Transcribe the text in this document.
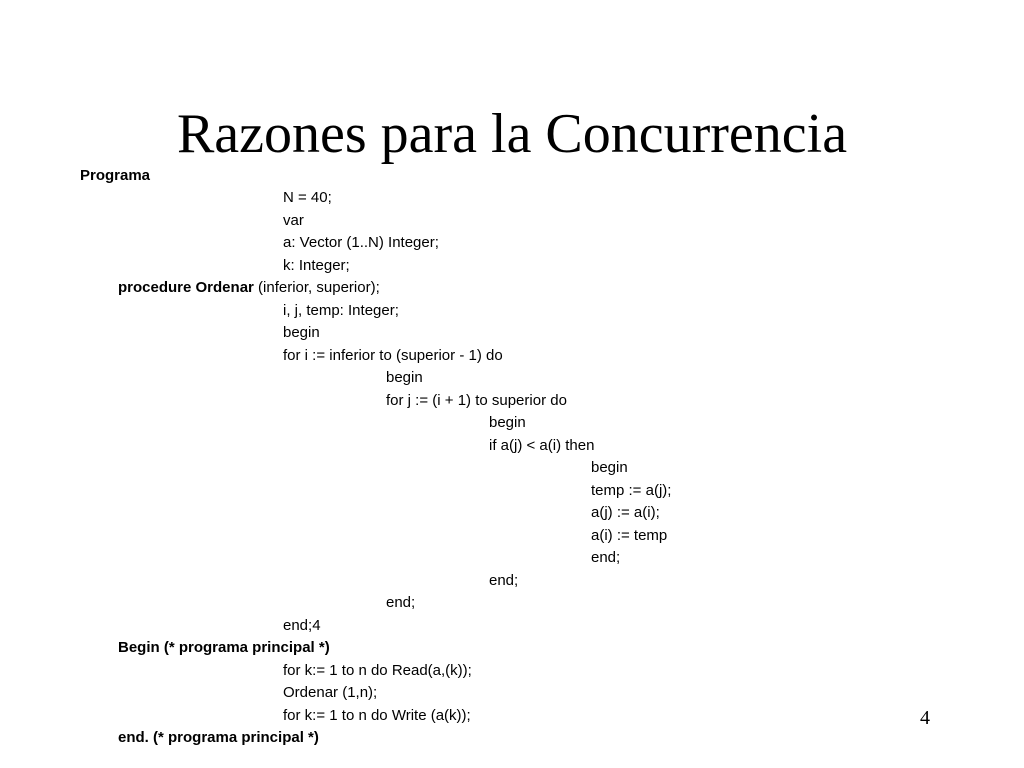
Razones para la Concurrencia
Programa
N = 40;
var
a: Vector (1..N) Integer;
k: Integer;
procedure Ordenar (inferior, superior);
i, j, temp: Integer;
begin
for i := inferior to (superior - 1) do
begin
for j := (i + 1) to superior do
begin
if a(j) < a(i) then
begin
temp := a(j);
a(j) := a(i);
a(i) := temp
end;
end;
end;
end;4
Begin (* programa principal *)
for k:= 1 to n do Read(a,(k));
Ordenar (1,n);
for k:= 1 to n do Write (a(k));
end. (* programa principal *)
4
